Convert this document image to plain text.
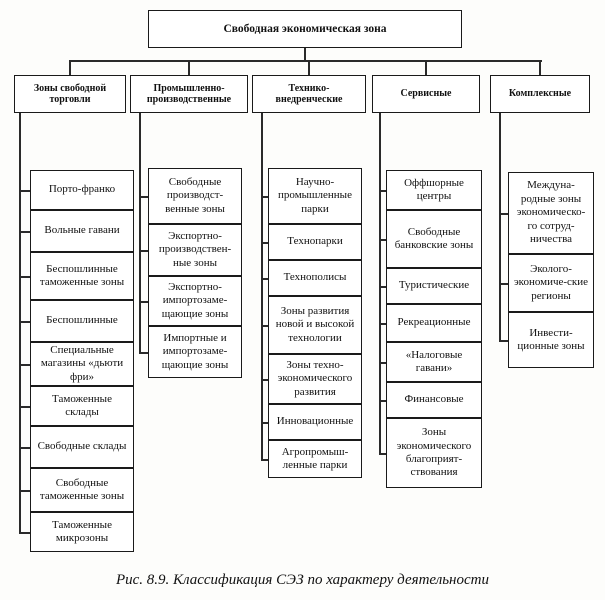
Свободная экономическая зона
Зоны свободной торговли
Порто-франко
Вольные гавани
Беспошлинные таможенные зоны
Беспошлинные
Специальные магазины «дьюти фри»
Таможенные склады
Свободные склады
Свободные таможенные зоны
Таможенные микрозоны
Промышленно-производственные
Свободные производст-венные зоны
Экспортно-производствен-ные зоны
Экспортно-импортозаме-щающие зоны
Импортные и импортозаме-щающие зоны
Технико-внедренческие
Научно-промышленные парки
Технопарки
Технополисы
Зоны развития новой и высокой технологии
Зоны техно-экономического развития
Инновационные
Агропромыш-ленные парки
Сервисные
Оффшорные центры
Свободные банковские зоны
Туристические
Рекреационные
«Налоговые гавани»
Финансовые
Зоны экономического благоприят-ствования
Комплексные
Междуна-родные зоны экономическо-го сотруд-ничества
Эколого-экономиче-ские регионы
Инвести-ционные зоны
Рис. 8.9. Классификация СЭЗ по характеру деятельности
